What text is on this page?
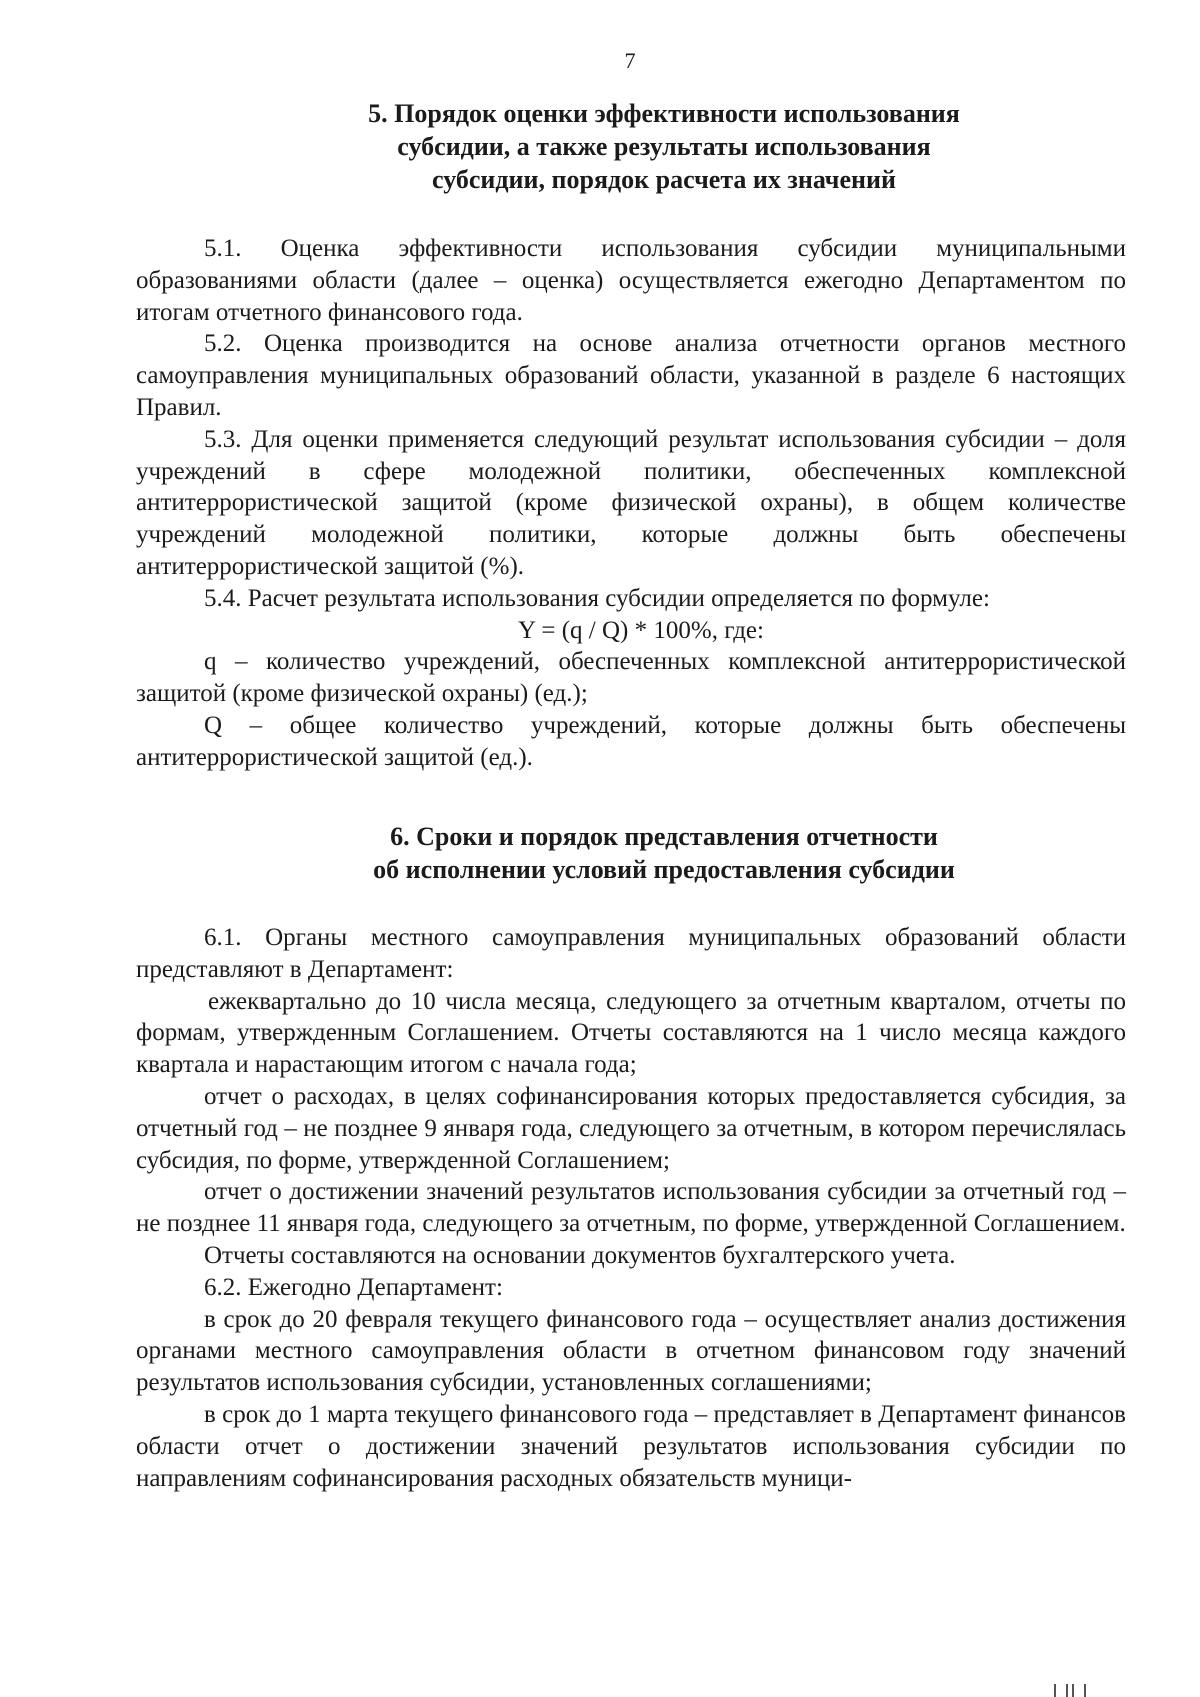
7
5. Порядок оценки эффективности использования
субсидии, а также результаты использования
субсидии, порядок расчета их значений

5.1. Оценка эффективности использования субсидии муниципальными образованиями области (далее – оценка) осуществляется ежегодно Департаментом по итогам отчетного финансового года.

5.2. Оценка производится на основе анализа отчетности органов местного самоуправления муниципальных образований области, указанной в разделе 6 настоящих Правил.

5.3. Для оценки применяется следующий результат использования субсидии – доля учреждений в сфере молодежной политики, обеспеченных комплексной антитеррористической защитой (кроме физической охраны), в общем количестве учреждений молодежной политики, которые должны быть обеспечены антитеррористической защитой (%).

5.4. Расчет результата использования субсидии определяется по формуле:

Y = (q / Q) * 100%, где:

q – количество учреждений, обеспеченных комплексной антитеррористической защитой (кроме физической охраны) (ед.);

Q – общее количество учреждений, которые должны быть обеспечены антитеррористической защитой (ед.).

6. Сроки и порядок представления отчетности
об исполнении условий предоставления субсидии

6.1. Органы местного самоуправления муниципальных образований области представляют в Департамент:

ежеквартально до 10 числа месяца, следующего за отчетным кварталом, отчеты по формам, утвержденным Соглашением. Отчеты составляются на 1 число месяца каждого квартала и нарастающим итогом с начала года;

отчет о расходах, в целях софинансирования которых предоставляется субсидия, за отчетный год – не позднее 9 января года, следующего за отчетным, в котором перечислялась субсидия, по форме, утвержденной Соглашением;

отчет о достижении значений результатов использования субсидии за отчетный год – не позднее 11 января года, следующего за отчетным, по форме, утвержденной Соглашением.

Отчеты составляются на основании документов бухгалтерского учета.

6.2. Ежегодно Департамент:

в срок до 20 февраля текущего финансового года – осуществляет анализ достижения органами местного самоуправления области в отчетном финансовом году значений результатов использования субсидии, установленных соглашениями;

в срок до 1 марта текущего финансового года – представляет в Департамент финансов области отчет о достижении значений результатов использования субсидии по направлениям софинансирования расходных обязательств муници-
